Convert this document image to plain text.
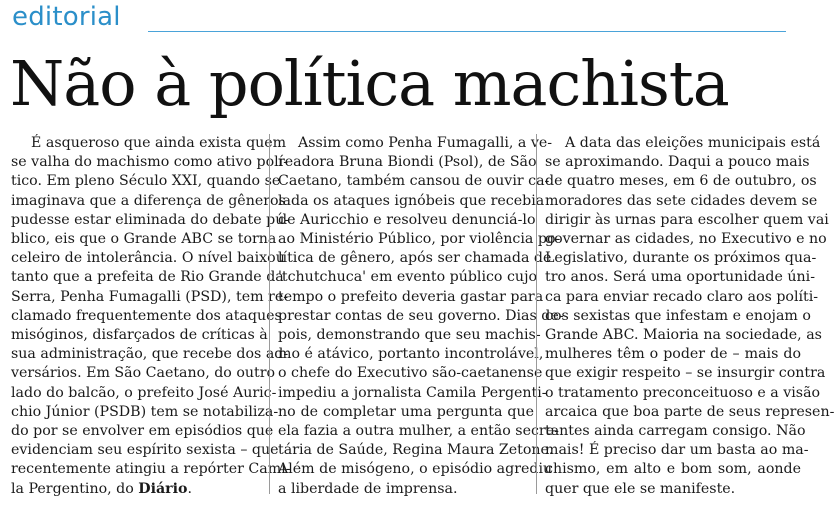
editorial
Não à política machista
É asqueroso que ainda exista quem
se valha do machismo como ativo polí-
tico. Em pleno Século XXI, quando se
imaginava que a diferença de gêneros
pudesse estar eliminada do debate pú-
blico, eis que o Grande ABC se torna
celeiro de intolerância. O nível baixou
tanto que a prefeita de Rio Grande da
Serra, Penha Fumagalli (PSD), tem re-
clamado frequentemente dos ataques
misóginos, disfarçados de críticas à
sua administração, que recebe dos ad-
versários. Em São Caetano, do outro
lado do balcão, o prefeito José Auric-
chio Júnior (PSDB) tem se notabiliza-
do por se envolver em episódios que
evidenciam seu espírito sexista – que
recentemente atingiu a repórter Cami-
la Pergentino, do Diário.
Assim como Penha Fumagalli, a ve-
readora Bruna Biondi (Psol), de São
Caetano, também cansou de ouvir ca-
lada os ataques ignóbeis que recebia
de Auricchio e resolveu denunciá-lo
ao Ministério Público, por violência po-
lítica de gênero, após ser chamada de
'tchutchuca' em evento público cujo
tempo o prefeito deveria gastar para
prestar contas de seu governo. Dias de-
pois, demonstrando que seu machis-
mo é atávico, portanto incontrolável,
o chefe do Executivo são-caetanense
impediu a jornalista Camila Pergenti-
no de completar uma pergunta que
ela fazia a outra mulher, a então secre-
tária de Saúde, Regina Maura Zetone.
Além de misógeno, o episódio agrediu
a liberdade de imprensa.
A data das eleições municipais está
se aproximando. Daqui a pouco mais
de quatro meses, em 6 de outubro, os
moradores das sete cidades devem se
dirigir às urnas para escolher quem vai
governar as cidades, no Executivo e no
Legislativo, durante os próximos qua-
tro anos. Será uma oportunidade úni-
ca para enviar recado claro aos políti-
cos sexistas que infestam e enojam o
Grande ABC. Maioria na sociedade, as
mulheres têm o poder de – mais do
que exigir respeito – se insurgir contra
o tratamento preconceituoso e a visão
arcaica que boa parte de seus represen-
tantes ainda carregam consigo. Não
mais! É preciso dar um basta ao ma-
chismo, em alto e bom som, aonde
quer que ele se manifeste.
